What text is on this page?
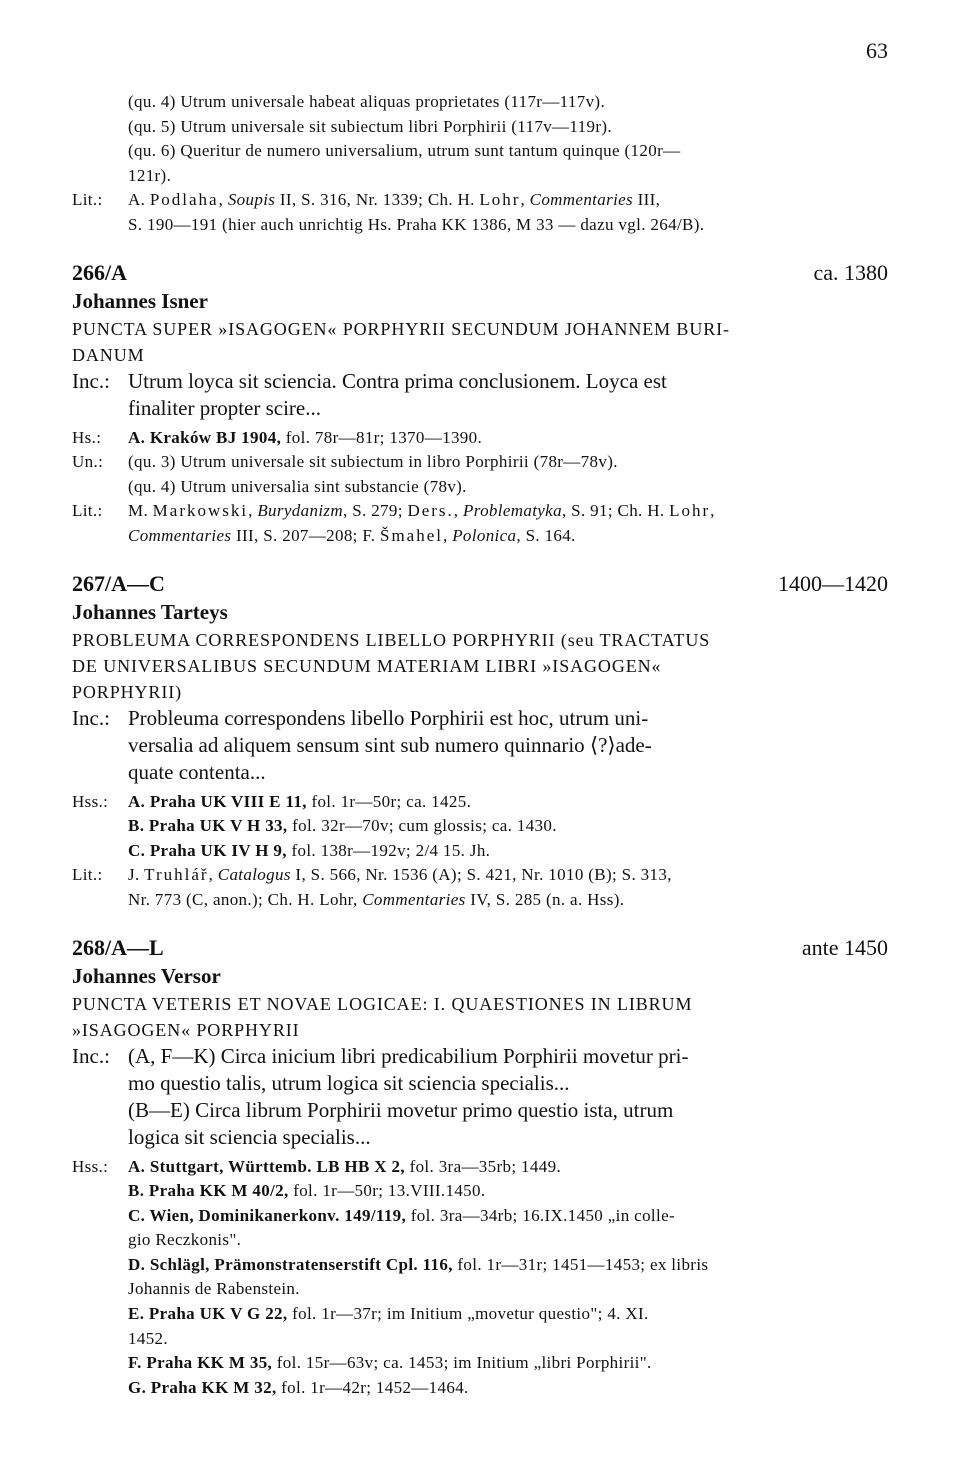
63
(qu. 4) Utrum universale habeat aliquas proprietates (117r—117v).
(qu. 5) Utrum universale sit subiectum libri Porphirii (117v—119r).
(qu. 6) Queritur de numero universalium, utrum sunt tantum quinque (120r—
121r).
Lit.:	A. Podlaha, Soupis II, S. 316, Nr. 1339; Ch. H. Lohr, Commentaries III,
S. 190—191 (hier auch unrichtig Hs. Praha KK 1386, M 33 — dazu vgl. 264/B).
266/A	ca. 1380
Johannes Isner
PUNCTA SUPER »ISAGOGEN« PORPHYRII SECUNDUM JOHANNEM BURI-
DANUM
Inc.: Utrum loyca sit sciencia. Contra prima conclusionem. Loyca est
finaliter propter scire...
Hs.:	A. Kraków BJ 1904, fol. 78r—81r; 1370—1390.
Un.:	(qu. 3) Utrum universale sit subiectum in libro Porphirii (78r—78v).
(qu. 4) Utrum universalia sint substancie (78v).
Lit.:	M. Markowski, Burydanizm, S. 279; Ders., Problematyka, S. 91; Ch. H. Lohr,
Commentaries III, S. 207—208; F. Šmahel, Polonica, S. 164.
267/A—C	1400—1420
Johannes Tarteys
PROBLEUMA CORRESPONDENS LIBELLO PORPHYRII (seu TRACTATUS
DE UNIVERSALIBUS SECUNDUM MATERIAM LIBRI »ISAGOGEN«
PORPHYRII)
Inc.: Probleuma correspondens libello Porphirii est hoc, utrum uni-
versalia ad aliquem sensum sint sub numero quinnario ⟨?⟩ade-
quate contenta...
Hss.:	A. Praha UK VIII E 11, fol. 1r—50r; ca. 1425.
B. Praha UK V H 33, fol. 32r—70v; cum glossis; ca. 1430.
C. Praha UK IV H 9, fol. 138r—192v; 2/4 15. Jh.
Lit.:	J. Truhlář, Catalogus I, S. 566, Nr. 1536 (A); S. 421, Nr. 1010 (B); S. 313,
Nr. 773 (C, anon.); Ch. H. Lohr, Commentaries IV, S. 285 (n. a. Hss).
268/A—L	ante 1450
Johannes Versor
PUNCTA VETERIS ET NOVAE LOGICAE: I. QUAESTIONES IN LIBRUM
»ISAGOGEN« PORPHYRII
Inc.: (A, F—K) Circa inicium libri predicabilium Porphirii movetur pri-
mo questio talis, utrum logica sit sciencia specialis...
(B—E) Circa librum Porphirii movetur primo questio ista, utrum
logica sit sciencia specialis...
Hss.:	A. Stuttgart, Württemb. LB HB X 2, fol. 3ra—35rb; 1449.
B. Praha KK M 40/2, fol. 1r—50r; 13.VIII.1450.
C. Wien, Dominikanerkonv. 149/119, fol. 3ra—34rb; 16.IX.1450 „in colle-
gio Reczkonis".
D. Schlägl, Prämonstratenserstift Cpl. 116, fol. 1r—31r; 1451—1453; ex libris
Johannis de Rabenstein.
E. Praha UK V G 22, fol. 1r—37r; im Initium „movetur questio"; 4. XI.
1452.
F. Praha KK M 35, fol. 15r—63v; ca. 1453; im Initium „libri Porphirii".
G. Praha KK M 32, fol. 1r—42r; 1452—1464.
